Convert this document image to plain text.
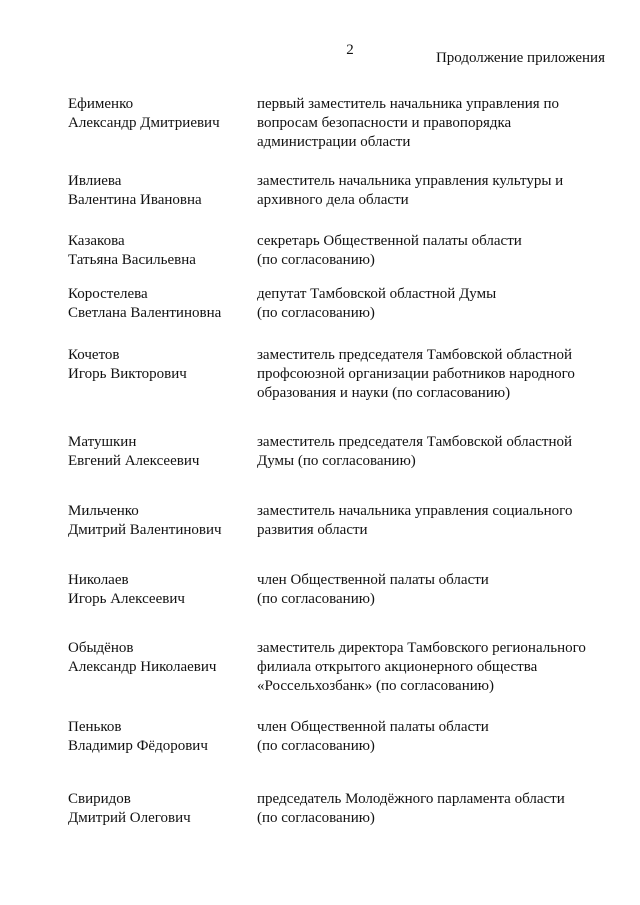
2	Продолжение приложения
Ефименко
Александр Дмитриевич
первый заместитель начальника управления по
вопросам безопасности и правопорядка
администрации области
Ивлиева
Валентина Ивановна
заместитель начальника управления культуры и
архивного дела области
Казакова
Татьяна Васильевна
секретарь Общественной палаты области
(по согласованию)
Коростелева
Светлана Валентиновна
депутат Тамбовской областной Думы
(по согласованию)
Кочетов
Игорь Викторович
заместитель председателя Тамбовской областной
профсоюзной организации работников народного
образования и науки (по согласованию)
Матушкин
Евгений Алексеевич
заместитель председателя Тамбовской областной
Думы (по согласованию)
Мильченко
Дмитрий Валентинович
заместитель начальника управления социального
развития области
Николаев
Игорь Алексеевич
член Общественной палаты области
(по согласованию)
Обыдёнов
Александр Николаевич
заместитель директора Тамбовского регионального
филиала открытого акционерного общества
«Россельхозбанк» (по согласованию)
Пеньков
Владимир Фёдорович
член Общественной палаты области
(по согласованию)
Свиридов
Дмитрий Олегович
председатель Молодёжного парламента области
(по согласованию)
